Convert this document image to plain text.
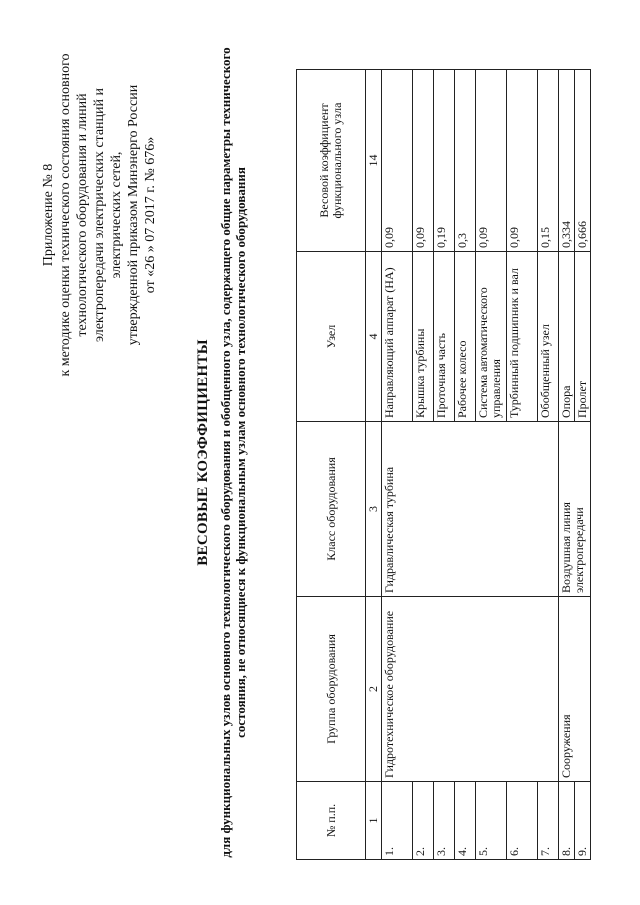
Приложение № 8 к методике оценки технического состояния основного технологического оборудования и линий электропередачи электрических станций и электрических сетей, утвержденной приказом Минэнерго России от «26 » 07 2017 г. № 676»
ВЕСОВЫЕ КОЭФФИЦИЕНТЫ для функциональных узлов основного технологического оборудования и обобщенного узла, содержащего общие параметры технического состояния, не относящиеся к функциональным узлам основного технологического оборудования

№ п.п.	Группа оборудования	Класс оборудования	Узел	Весовой коэффициент функционального узла
1	2	3	4	14
1.	Гидротехническое оборудование	Гидравлическая турбина	Направляющий аппарат (НА)	0,09
2.			Крышка турбины	0,09
3.			Проточная часть	0,19
4.			Рабочее колесо	0,3
5.			Система автоматического управления	0,09
6.			Турбинный подшипник и вал	0,09
7.			Обобщенный узел	0,15
8.	Сооружения	Воздушная линия электропередачи	Опора	0,334
9.			Пролет	0,666
